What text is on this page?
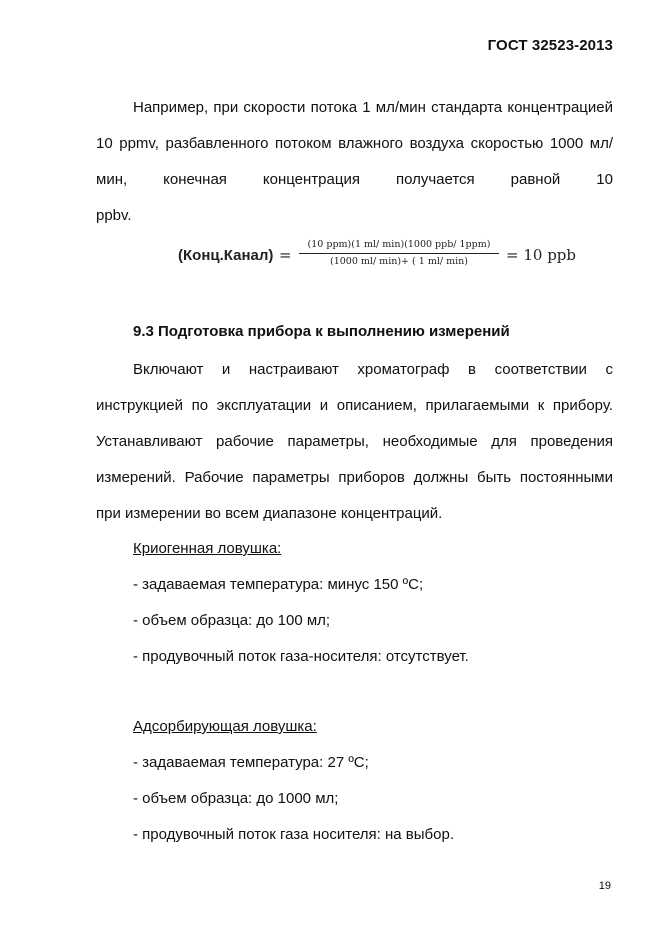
ГОСТ 32523-2013

Например, при скорости потока 1 мл/мин стандарта концентрацией 10 ppmv, разбавленного потоком влажного воздуха скоростью 1000 мл/мин, конечная концентрация получается равной 10
ppbv.

(Конц.Канал) =
(10 ppm)(1 ml/ min)(1000 ppb/ 1ppm)
(1000 ml/ min)+ ( 1 ml/ min)	= 10 ppb
9.3 Подготовка прибора к выполнению измерений

Включают и настраивают хроматограф в соответствии с инструкцией по эксплуатации и описанием, прилагаемыми к прибору. Устанавливают рабочие параметры, необходимые для проведения измерений. Рабочие параметры приборов должны быть постоянными
при измерении во всем диапазоне концентраций.

Криогенная ловушка:
- задаваемая температура: минус 150 ºС;
- объем образца: до 100 мл;
- продувочный поток газа-носителя: отсутствует.
Адсорбирующая ловушка:
- задаваемая температура: 27 ºС;
- объем образца: до 1000 мл;
- продувочный поток газа носителя: на выбор.
19
